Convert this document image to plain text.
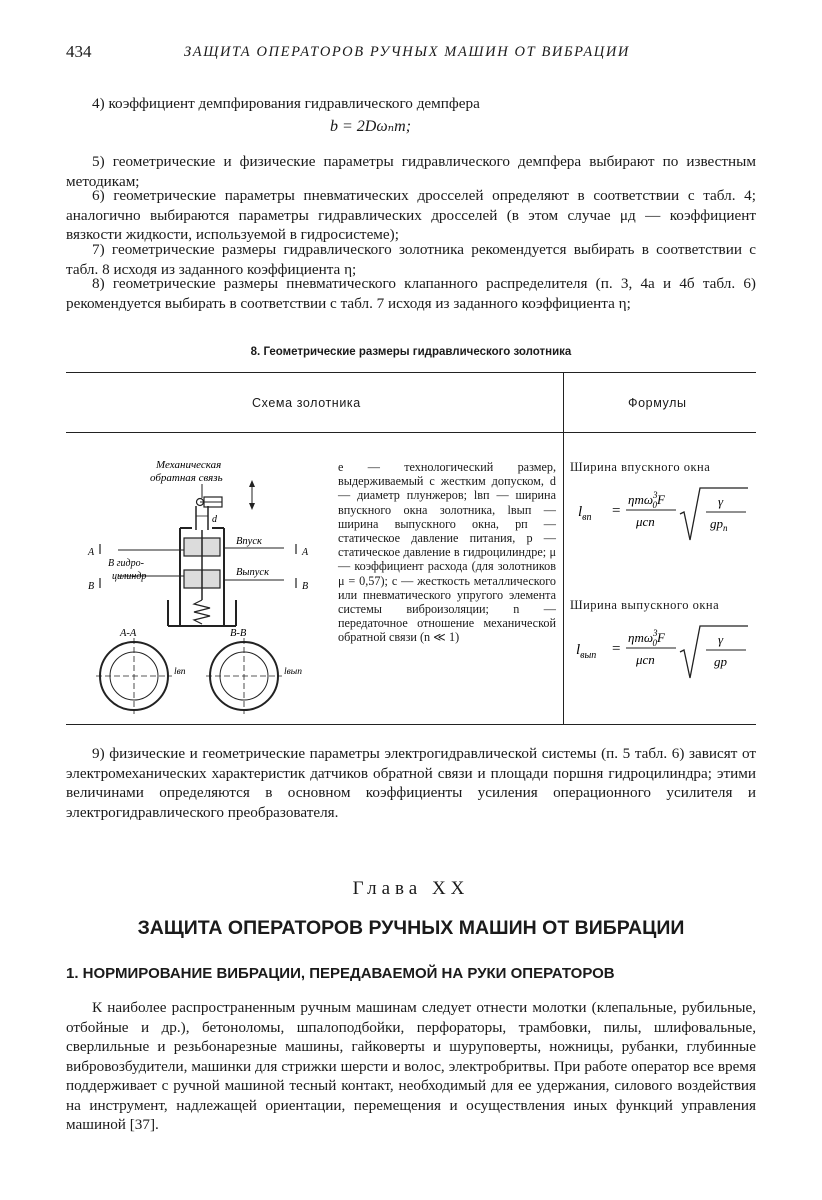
434	ЗАЩИТА ОПЕРАТОРОВ РУЧНЫХ МАШИН ОТ ВИБРАЦИИ

4) коэффициент демпфирования гидравлического демпфера

b = 2Dωₙm;

5) геометрические и физические параметры гидравлического демпфера выбирают по известным методикам;

6) геометрические параметры пневматических дросселей определяют в соответствии с табл. 4; аналогично выбираются параметры гидравлических дросселей (в этом случае μд — коэффициент вязкости жидкости, используемой в гидросистеме);

7) геометрические размеры гидравлического золотника рекомендуется выбирать в соответствии с табл. 8 исходя из заданного коэффициента η;

8) геометрические размеры пневматического клапанного распределителя (п. 3, 4а и 4б табл. 6) рекомендуется выбирать в соответствии с табл. 7 исходя из заданного коэффициента η;

8. Геометрические размеры гидравлического золотника
Схема золотника	Формулы
Механическая
обратная связь
d
A
B
В гидро-
цилиндр
Впуск
Выпуск
A
B
А-А
lвп
B-B
lвып

e — технологический размер, выдерживаемый с жестким допуском, d — диаметр плунжеров; lвп — ширина впускного окна золотника, lвып — ширина выпускного окна, pп — статическое давление питания, p — статическое давление в гидроцилиндре; μ — коэффициент расхода (для золотников μ = 0,57); c — жесткость металлического или пневматического упругого элемента системы виброизоляции; n — передаточное отношение механической обратной связи (n ≪ 1)

Ширина впускного окна
$l_{вп}$ =
ηmω$^3$ 0F
μcn
γ
$gp_п$
Ширина выпускного окна
$l_{вып}$ =
ηmω$^3$ 0F
μcn
γ
gp

9) физические и геометрические параметры электрогидравлической системы (п. 5 табл. 6) зависят от электромеханических характеристик датчиков обратной связи и площади поршня гидроцилиндра; этими величинами определяются в основном коэффициенты усиления операционного усилителя и электрогидравлического преобразователя.

Глава XX
ЗАЩИТА ОПЕРАТОРОВ РУЧНЫХ МАШИН ОТ ВИБРАЦИИ
1. НОРМИРОВАНИЕ ВИБРАЦИИ, ПЕРЕДАВАЕМОЙ НА РУКИ ОПЕРАТОРОВ

К наиболее распространенным ручным машинам следует отнести молотки (клепальные, рубильные, отбойные и др.), бетоноломы, шпалоподбойки, перфораторы, трамбовки, пилы, шлифовальные, сверлильные и резьбонарезные машины, гайковерты и шуруповерты, ножницы, рубанки, глубинные вибровозбудители, машинки для стрижки шерсти и волос, электробритвы. При работе оператор все время поддерживает с ручной машиной тесный контакт, необходимый для ее удержания, силового воздействия на инструмент, надлежащей ориентации, перемещения и осуществления иных функций управления машиной [37].
